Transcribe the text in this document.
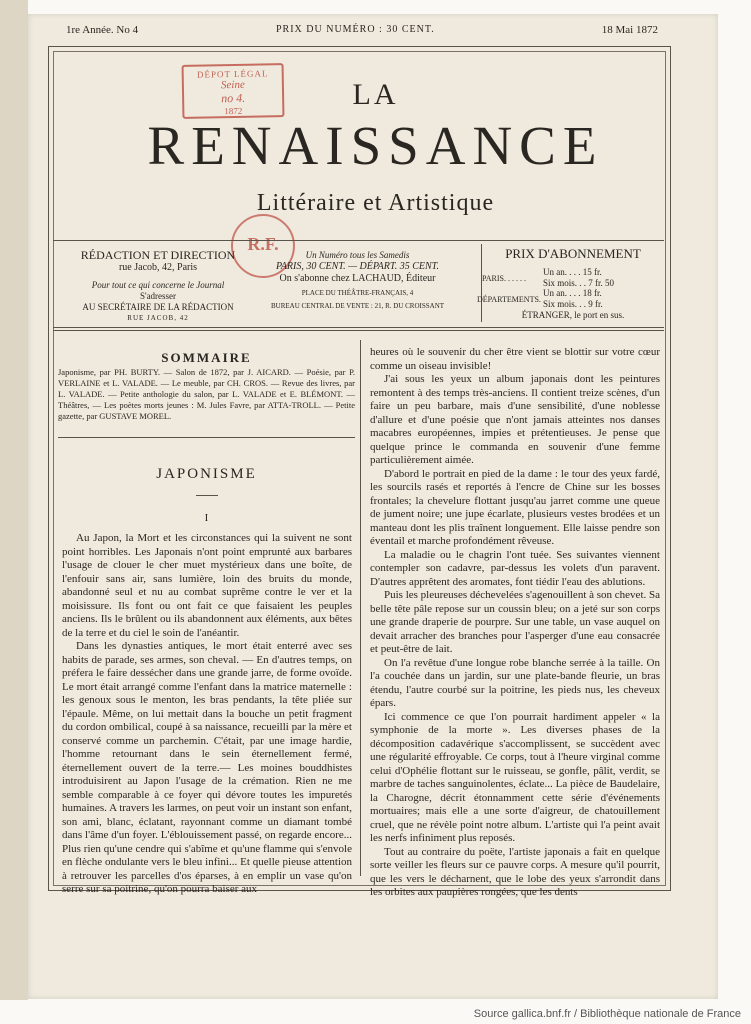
1re Année. No 4	PRIX DU NUMÉRO : 30 CENT.	18 Mai 1872
DÉPOT LÉGAL
Seine
no 4.
1872
R.F.
LA
RENAISSANCE
Littéraire et Artistique
RÉDACTION ET DIRECTION
rue Jacob, 42, Paris
Pour tout ce qui concerne le Journal
S'adresser
AU SECRÉTAIRE DE LA RÉDACTION
RUE JACOB, 42
Un Numéro tous les Samedis
PARIS, 30 CENT. — DÉPART. 35 CENT.
On s'abonne chez LACHAUD, Éditeur
PLACE DU THÉÂTRE-FRANÇAIS, 4
BUREAU CENTRAL DE VENTE : 21, R. DU CROISSANT
PRIX D'ABONNEMENT
PARIS. . . . . .
Un an. . . . 15 fr.
Six mois. . . 7 fr. 50
DÉPARTEMENTS.
Un an. . . . 18 fr.
Six mois. . . 9 fr.
ÉTRANGER, le port en sus.
SOMMAIRE

Japonisme, par PH. BURTY. — Salon de 1872, par J. AICARD. — Poésie, par P. VERLAINE et L. VALADE. — Le meuble, par CH. CROS. — Revue des livres, par L. VALADE. — Petite anthologie du salon, par L. VALADE et E. BLÉMONT. — Théâtres, — Les poètes morts jeunes : M. Jules Favre, par ATTA-TROLL. — Petite gazette, par GUSTAVE MOREL.

JAPONISME
I

Au Japon, la Mort et les circonstances qui la suivent ne sont point horribles. Les Japonais n'ont point emprunté aux barbares l'usage de clouer le cher muet mystérieux dans une boîte, de l'enfouir sans air, sans lumière, loin des bruits du monde, abandonné seul et nu au combat suprême contre le ver et la moisissure. Ils font ou ont fait ce que faisaient les peuples anciens. Ils le brûlent ou ils abandonnent aux éléments, aux bêtes de la terre et du ciel le soin de l'anéantir.

Dans les dynasties antiques, le mort était enterré avec ses habits de parade, ses armes, son cheval. — En d'autres temps, on préfera le faire dessécher dans une grande jarre, de forme ovoïde. Le mort était arrangé comme l'enfant dans la matrice maternelle : les genoux sous le menton, les bras pendants, la tête pliée sur l'épaule. Même, on lui mettait dans la bouche un petit fragment du cordon ombilical, coupé à sa naissance, recueilli par la mère et conservé comme un parchemin. C'était, par une image hardie, l'homme retournant dans le sein éternellement fermé, éternellement ouvert de la terre.— Les moines bouddhistes introduisirent au Japon l'usage de la crémation. Rien ne me semble comparable à ce foyer qui dévore toutes les impuretés humaines. A travers les larmes, on peut voir un instant son enfant, son ami, blanc, éclatant, rayonnant comme un diamant tombé dans l'âme d'un foyer. L'éblouissement passé, on regarde encore... Plus rien qu'une cendre qui s'abîme et qu'une flamme qui s'envole en flèche ondulante vers le bleu infini... Et quelle pieuse attention à retrouver les parcelles d'os éparses, à en emplir un vase qu'on serre sur sa poitrine, qu'on pourra baiser aux

heures où le souvenir du cher être vient se blottir sur votre cœur comme un oiseau invisible!

J'ai sous les yeux un album japonais dont les peintures remontent à des temps très-anciens. Il contient treize scènes, d'un faire un peu barbare, mais d'une sensibilité, d'une noblesse d'allure et d'une poésie que n'ont jamais atteintes nos danses macabres européennes, impies et prétentieuses. Je pense que quelque prince le commanda en souvenir d'une femme particulièrement aimée.

D'abord le portrait en pied de la dame : le tour des yeux fardé, les sourcils rasés et reportés à l'encre de Chine sur les bosses frontales; la chevelure flottant jusqu'au jarret comme une queue de jument noire; une jupe écarlate, plusieurs vestes brodées et un manteau dont les plis traînent longuement. Elle laisse pendre son éventail et marche profondément rêveuse.

La maladie ou le chagrin l'ont tuée. Ses suivantes viennent contempler son cadavre, par-dessus les volets d'un paravent. D'autres apprêtent des aromates, font tiédir l'eau des ablutions.

Puis les pleureuses déchevelées s'agenouillent à son chevet. Sa belle tête pâle repose sur un coussin bleu; on a jeté sur son corps une grande draperie de pourpre. Sur une table, un vase auquel on devait arracher des branches pour l'asperger d'une eau consacrée et peut-être de lait.

On l'a revêtue d'une longue robe blanche serrée à la taille. On l'a couchée dans un jardin, sur une plate-bande fleurie, un bras étendu, l'autre courbé sur la poitrine, les pieds nus, les cheveux épars.

Ici commence ce que l'on pourrait hardiment appeler « la symphonie de la morte ». Les diverses phases de la décomposition cadavérique s'accomplissent, se succèdent avec une régularité effroyable. Ce corps, tout à l'heure virginal comme celui d'Ophélie flottant sur le ruisseau, se gonfle, pâlit, verdit, se marbre de taches sanguinolentes, éclate... La pièce de Baudelaire, la Charogne, décrit étonnamment cette série d'événements mortuaires; mais elle a une sorte d'aigreur, de chatouillement cruel, que ne révèle point notre album. L'artiste qui l'a peint avait les nerfs infiniment plus reposés.

Tout au contraire du poëte, l'artiste japonais a fait en quelque sorte veiller les fleurs sur ce pauvre corps. A mesure qu'il pourrit, que les vers le décharnent, que le lobe des yeux s'arrondit dans les orbites aux paupières rongées, que les dents

Source gallica.bnf.fr / Bibliothèque nationale de France
